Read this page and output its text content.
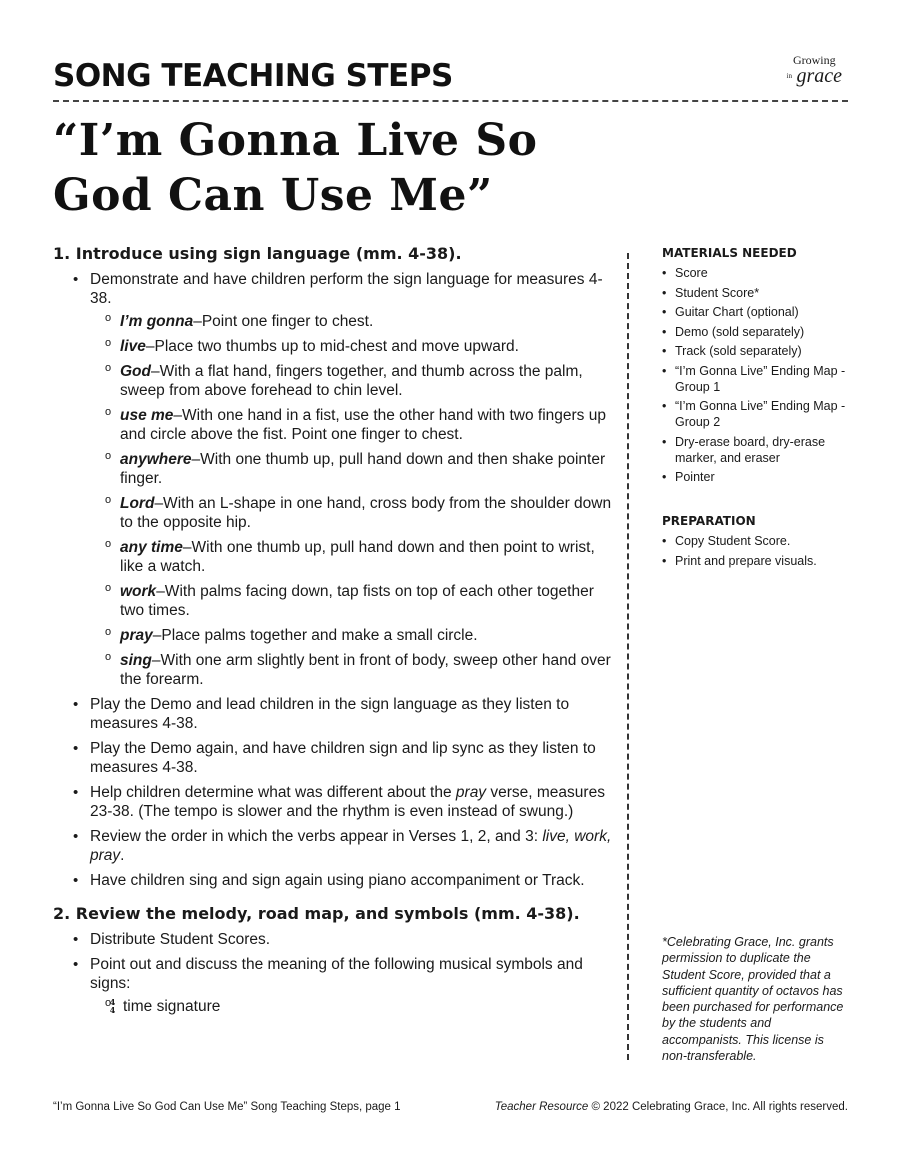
SONG TEACHING STEPS	Growing
in grace
“I’m Gonna Live So
God Can Use Me”
1. Introduce using sign language (mm. 4-38).
• Demonstrate and have children perform the sign language for measures 4-38.
o I’m gonna–Point one finger to chest.
o live–Place two thumbs up to mid-chest and move upward.
o God–With a flat hand, fingers together, and thumb across the palm, sweep from above forehead to chin level.
o use me–With one hand in a fist, use the other hand with two fingers up and circle above the fist. Point one finger to chest.
o anywhere–With one thumb up, pull hand down and then shake pointer finger.
o Lord–With an L-shape in one hand, cross body from the shoulder down to the opposite hip.
o any time–With one thumb up, pull hand down and then point to wrist, like a watch.
o work–With palms facing down, tap fists on top of each other together two times.
o pray–Place palms together and make a small circle.
o sing–With one arm slightly bent in front of body, sweep other hand over the forearm.
• Play the Demo and lead children in the sign language as they listen to measures 4-38.
• Play the Demo again, and have children sign and lip sync as they listen to measures 4-38.
• Help children determine what was different about the pray verse, measures 23-38. (The tempo is slower and the rhythm is even instead of swung.)
• Review the order in which the verbs appear in Verses 1, 2, and 3: live, work, pray.
• Have children sing and sign again using piano accompaniment or Track.
2. Review the melody, road map, and symbols (mm. 4-38).
• Distribute Student Scores.
• Point out and discuss the meaning of the following musical symbols and signs:
o
4
4 time signature
MATERIALS NEEDED
• Score
• Student Score*
• Guitar Chart (optional)
• Demo (sold separately)
• Track (sold separately)
• “I’m Gonna Live” Ending Map - Group 1
• “I’m Gonna Live” Ending Map - Group 2
• Dry-erase board, dry-erase marker, and eraser
• Pointer
PREPARATION
• Copy Student Score.
• Print and prepare visuals.
*Celebrating Grace, Inc. grants permission to duplicate the Student Score, provided that a sufficient quantity of octavos has been purchased for performance by the students and accompanists. This license is non-transferable.
“I’m Gonna Live So God Can Use Me” Song Teaching Steps, page 1	Teacher Resource © 2022 Celebrating Grace, Inc. All rights reserved.
